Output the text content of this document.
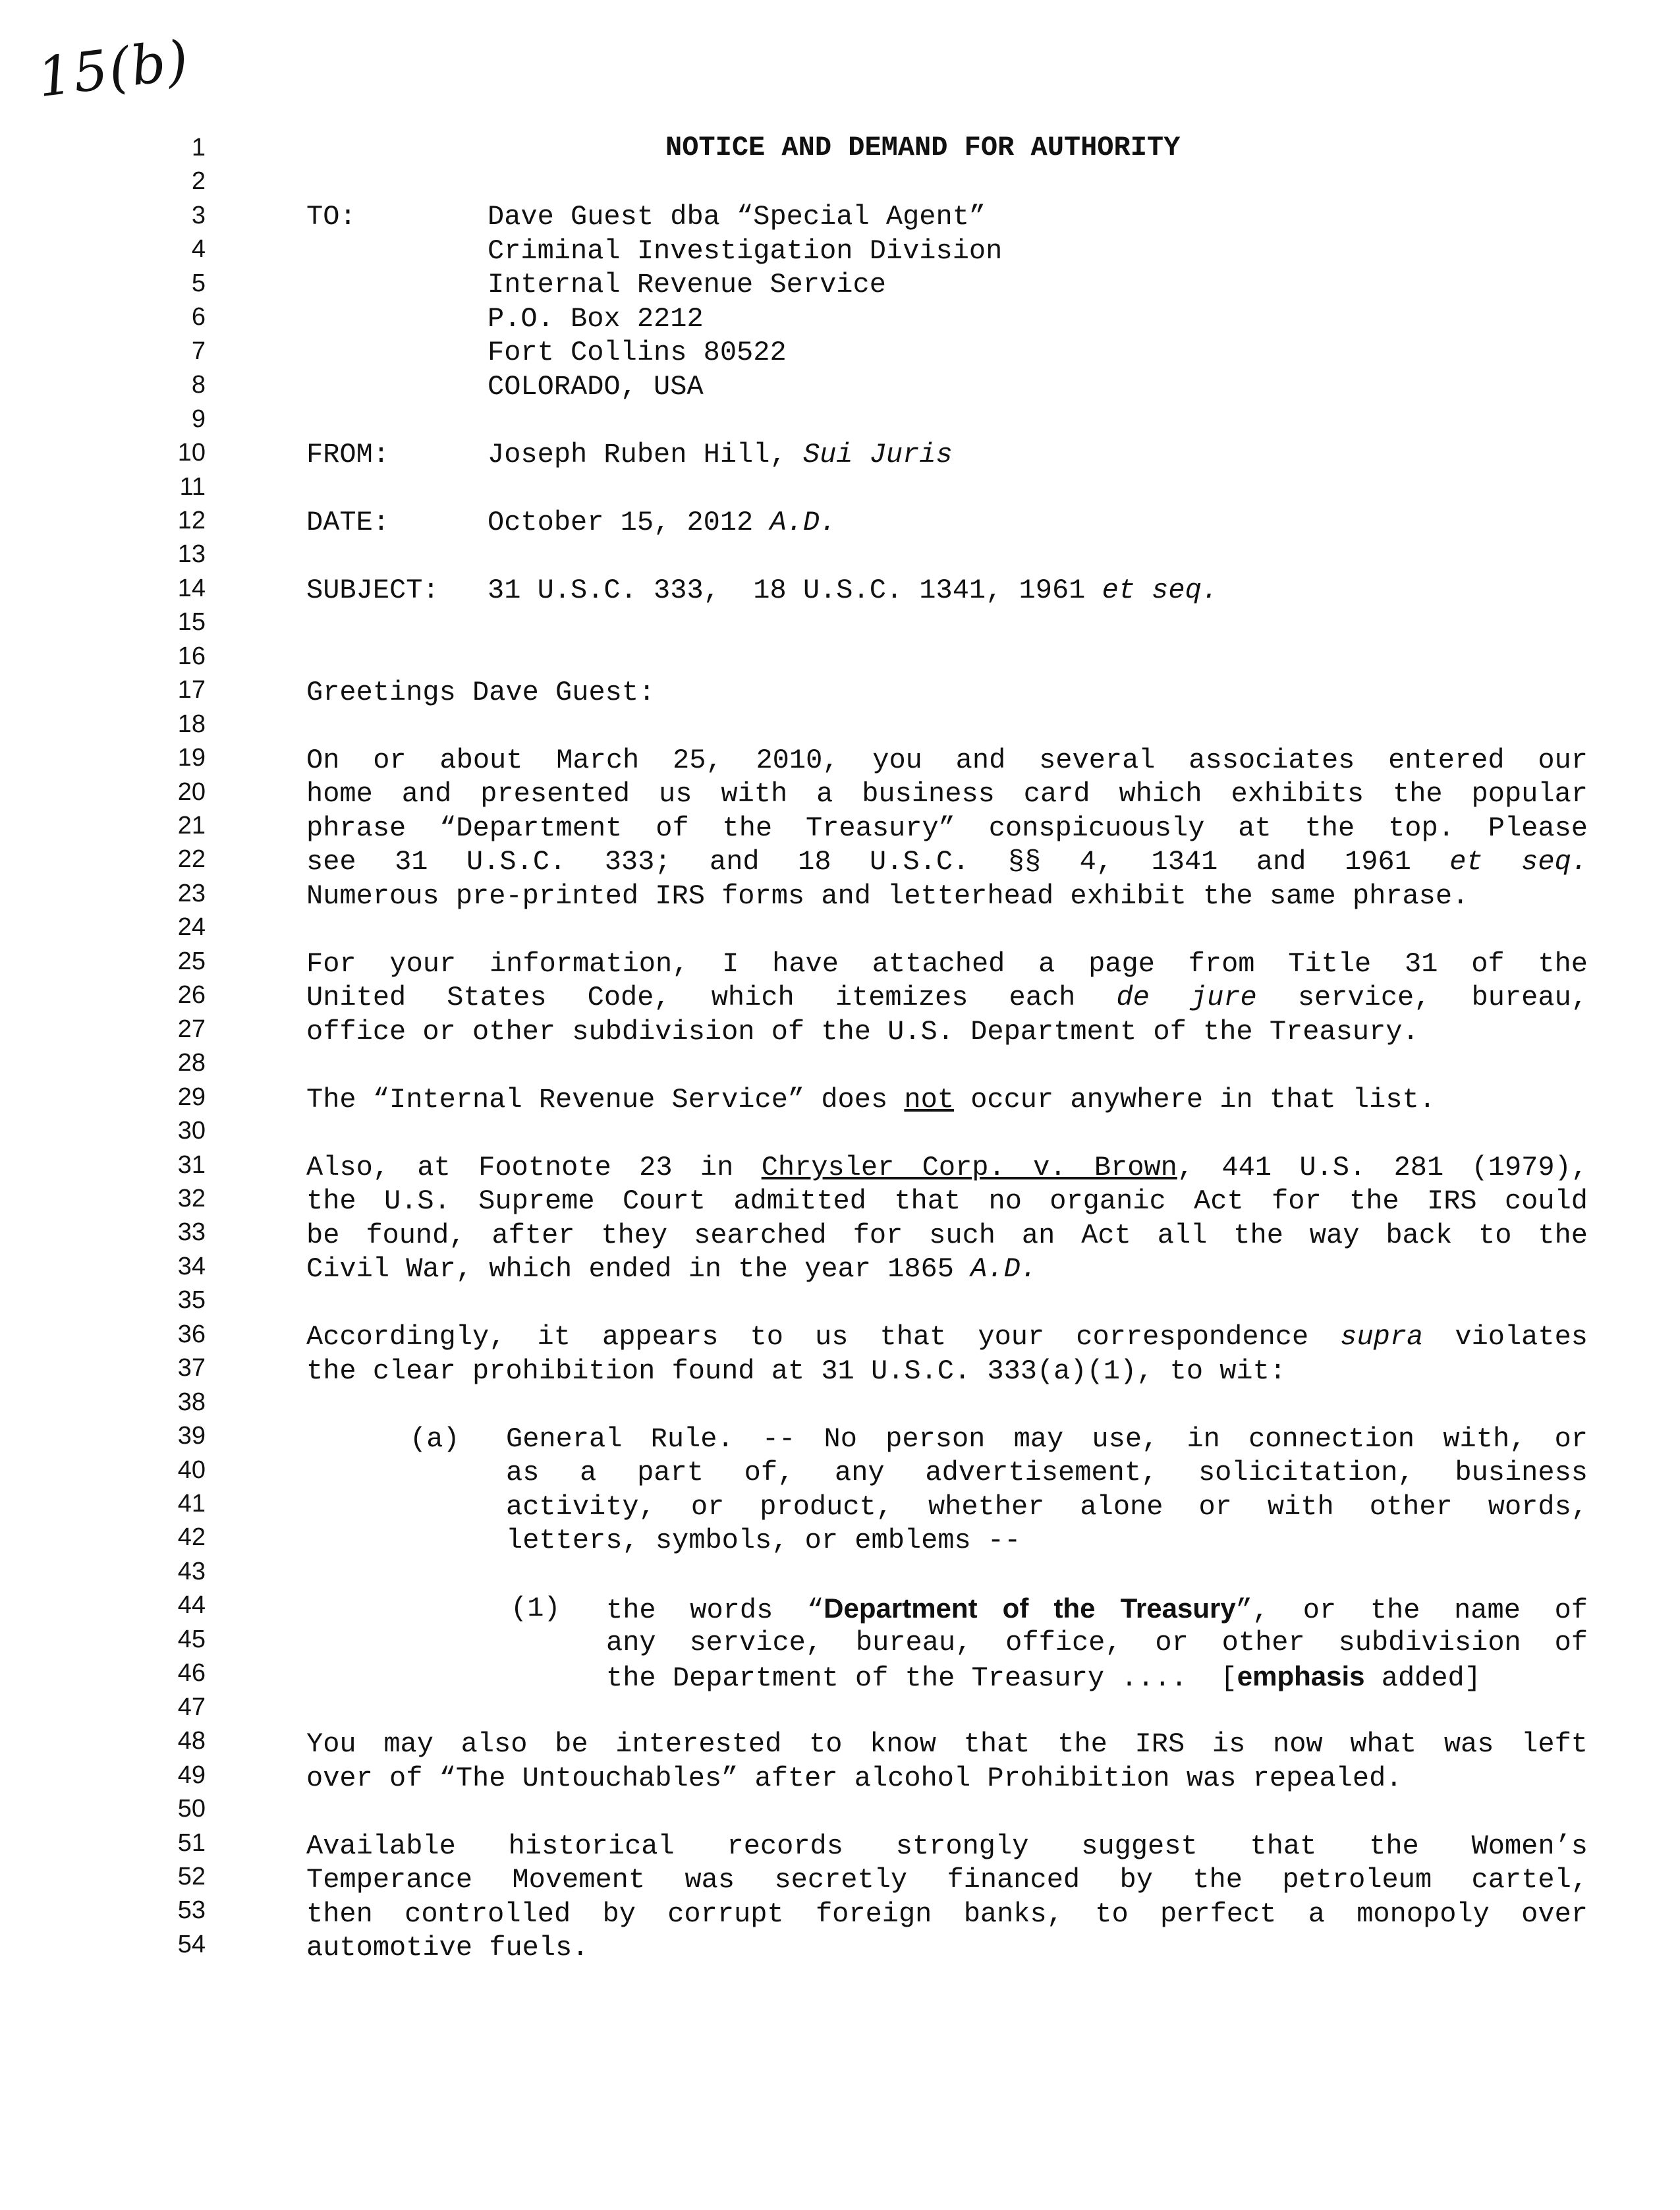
15(b)
1
2
3
4
5
6
7
8
9
10
11
12
13
14
15
16
17
18
19
20
21
22
23
24
25
26
27
28
29
30
31
32
33
34
35
36
37
38
39
40
41
42
43
44
45
46
47
48
49
50
51
52
53
54
NOTICE AND DEMAND FOR AUTHORITY
TO:	Dave Guest dba “Special Agent”
Criminal Investigation Division
Internal Revenue Service
P.O. Box 2212
Fort Collins 80522
COLORADO, USA
FROM:	Joseph Ruben Hill, Sui Juris
DATE:	October 15, 2012 A.D.
SUBJECT: 31 U.S.C. 333,  18 U.S.C. 1341, 1961 et seq.
Greetings Dave Guest:
On or about March 25, 2010, you and several associates entered our
home and presented us with a business card which exhibits the popular
phrase “Department of the Treasury” conspicuously at the top. Please
see 31 U.S.C. 333; and 18 U.S.C. §§ 4, 1341 and 1961 et seq.
Numerous pre-printed IRS forms and letterhead exhibit the same phrase.
For your information, I have attached a page from Title 31 of the
United States Code, which itemizes each de jure service, bureau,
office or other subdivision of the U.S. Department of the Treasury.
The “Internal Revenue Service” does not occur anywhere in that list.
Also, at Footnote 23 in Chrysler Corp. v. Brown, 441 U.S. 281 (1979),
the U.S. Supreme Court admitted that no organic Act for the IRS could
be found, after they searched for such an Act all the way back to the
Civil War, which ended in the year 1865 A.D.
Accordingly, it appears to us that your correspondence supra violates
the clear prohibition found at 31 U.S.C. 333(a)(1), to wit:
(a) General Rule. -- No person may use, in connection with, or
as a part of, any advertisement, solicitation, business
activity, or product, whether alone or with other words,
letters, symbols, or emblems --
(1) the words “Department of the Treasury”, or the name of
any service, bureau, office, or other subdivision of
the Department of the Treasury ....  [emphasis added]
You may also be interested to know that the IRS is now what was left
over of “The Untouchables” after alcohol Prohibition was repealed.
Available historical records strongly suggest that the Women’s
Temperance Movement was secretly financed by the petroleum cartel,
then controlled by corrupt foreign banks, to perfect a monopoly over
automotive fuels.
